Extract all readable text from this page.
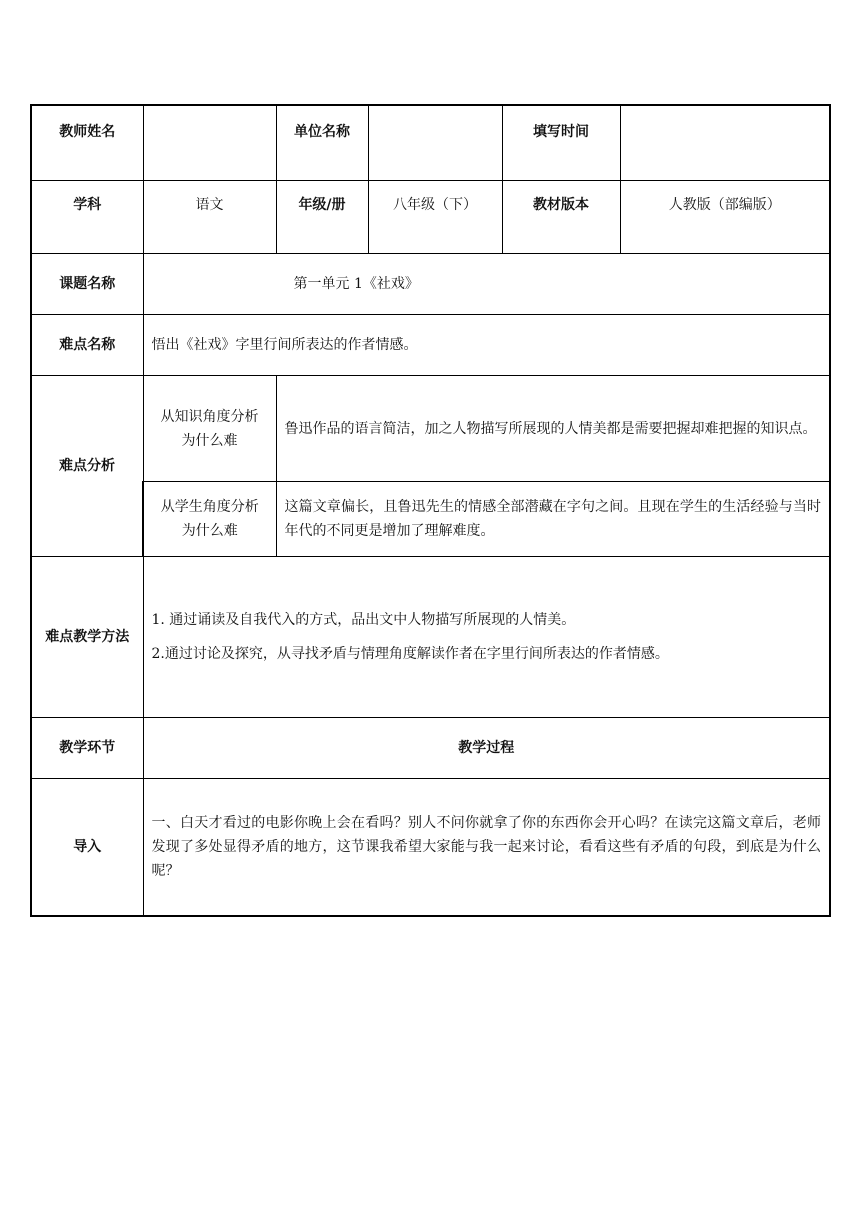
教师姓名		单位名称		填写时间	
学科	语文	年级/册	八年级（下）	教材版本	人教版（部编版）
课题名称	第一单元 1《社戏》				
难点名称	悟出《社戏》字里行间所表达的作者情感。				
难点分析	从知识角度分析
为什么难	鲁迅作品的语言简洁，加之人物描写所展现的人情美都是需要把握却难把握的知识点。			

	从学生角度分析
为什么难	这篇文章偏长，且鲁迅先生的情感全部潜藏在字句之间。且现在学生的生活经验与当时年代的不同更是增加了理解难度。			
难点教学方法	1. 通过诵读及自我代入的方式，品出文中人物描写所展现的人情美。

2.通过讨论及探究，从寻找矛盾与情理角度解读作者在字里行间所表达的作者情感。				

教学环节	教学过程				
导入	一、白天才看过的电影你晚上会在看吗？别人不问你就拿了你的东西你会开心吗？在读完这篇文章后，老师发现了多处显得矛盾的地方，这节课我希望大家能与我一起来讨论，看看这些有矛盾的句段，到底是为什么呢？				
